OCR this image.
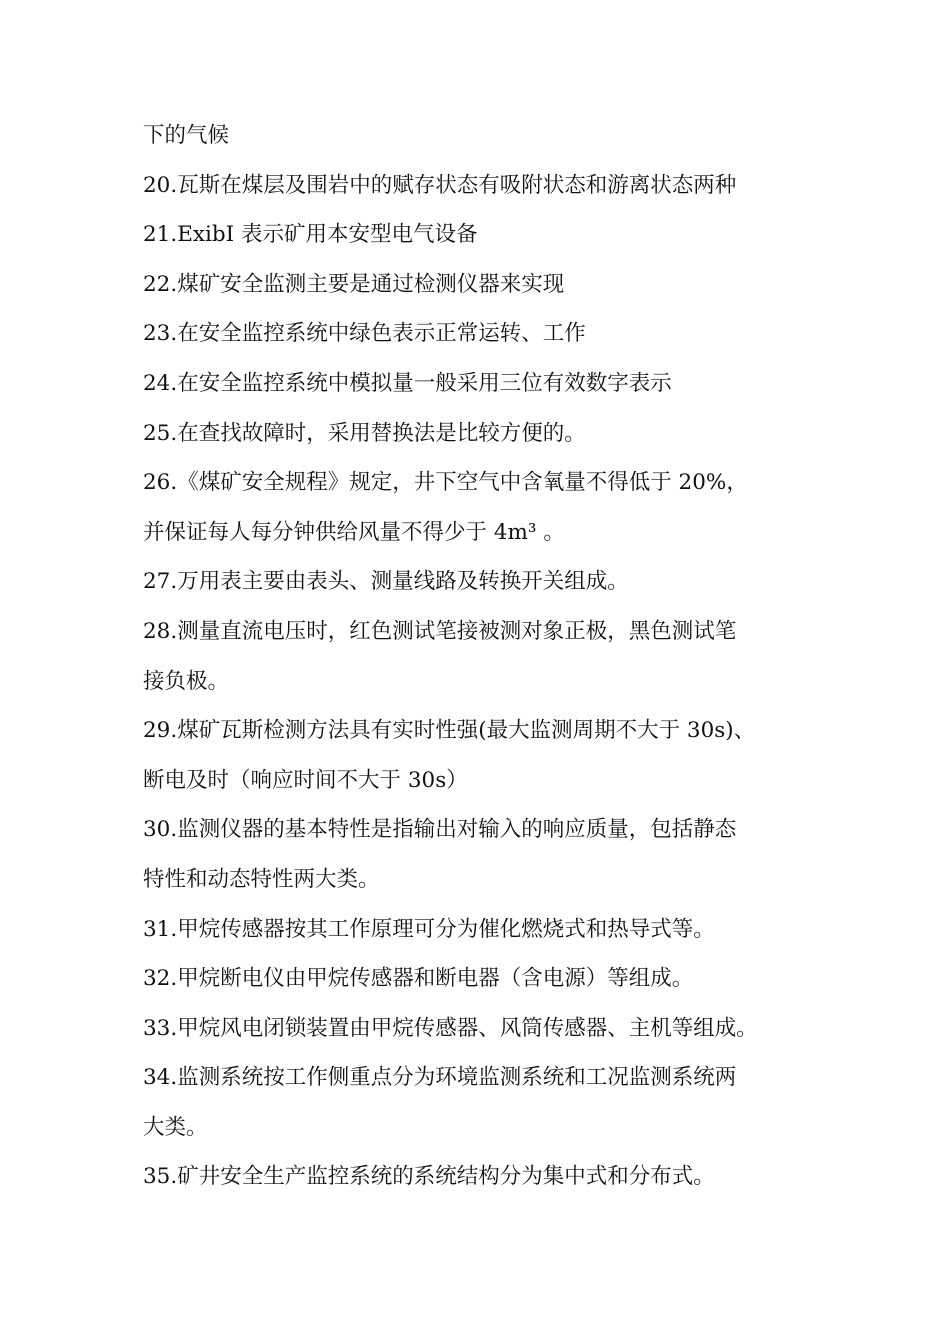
下的气候
20.瓦斯在煤层及围岩中的赋存状态有吸附状态和游离状态两种
21.ExibI 表示矿用本安型电气设备
22.煤矿安全监测主要是通过检测仪器来实现
23.在安全监控系统中绿色表示正常运转、工作
24.在安全监控系统中模拟量一般采用三位有效数字表示
25.在查找故障时，采用替换法是比较方便的。
26.《煤矿安全规程》规定，井下空气中含氧量不得低于 20%，
并保证每人每分钟供给风量不得少于 4m³ 。
27.万用表主要由表头、测量线路及转换开关组成。
28.测量直流电压时，红色测试笔接被测对象正极，黑色测试笔
接负极。
29.煤矿瓦斯检测方法具有实时性强(最大监测周期不大于 30s)、
断电及时（响应时间不大于 30s）
30.监测仪器的基本特性是指输出对输入的响应质量，包括静态
特性和动态特性两大类。
31.甲烷传感器按其工作原理可分为催化燃烧式和热导式等。
32.甲烷断电仪由甲烷传感器和断电器（含电源）等组成。
33.甲烷风电闭锁装置由甲烷传感器、风筒传感器、主机等组成。
34.监测系统按工作侧重点分为环境监测系统和工况监测系统两
大类。
35.矿井安全生产监控系统的系统结构分为集中式和分布式。
